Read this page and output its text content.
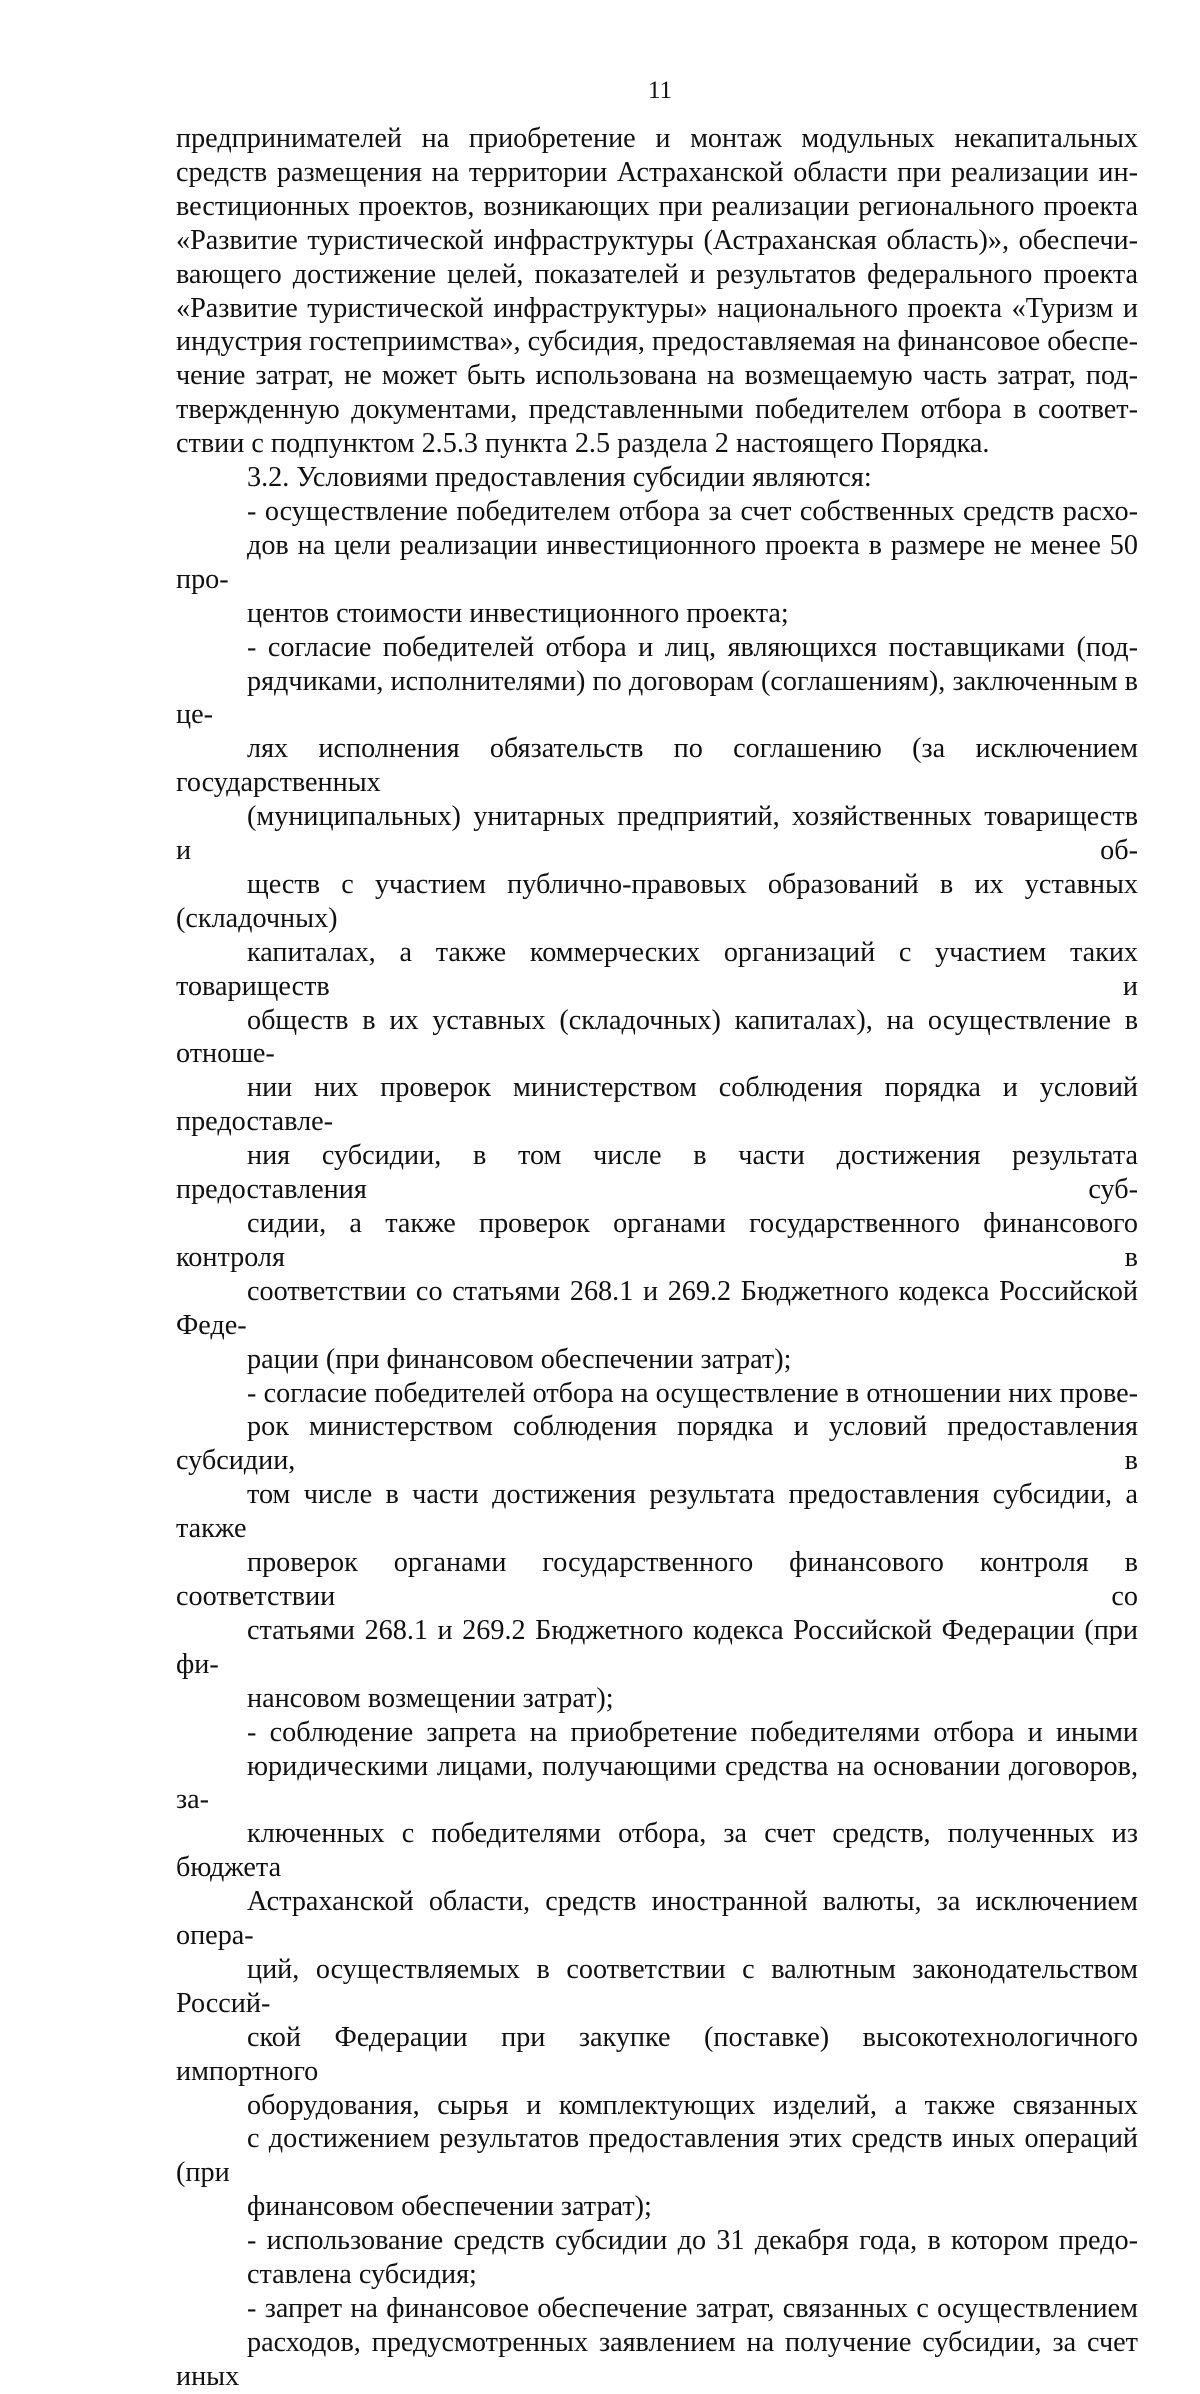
11
предпринимателей на приобретение и монтаж модульных некапитальных
средств размещения на территории Астраханской области при реализации ин-
вестиционных проектов, возникающих при реализации регионального проекта
«Развитие туристической инфраструктуры (Астраханская область)», обеспечи-
вающего достижение целей, показателей и результатов федерального проекта
«Развитие туристической инфраструктуры» национального проекта «Туризм и
индустрия гостеприимства», субсидия, предоставляемая на финансовое обеспе-
чение затрат, не может быть использована на возмещаемую часть затрат, под-
твержденную документами, представленными победителем отбора в соответ-
ствии с подпунктом 2.5.3 пункта 2.5 раздела 2 настоящего Порядка.
3.2. Условиями предоставления субсидии являются:
- осуществление победителем отбора за счет собственных средств расхо-
дов на цели реализации инвестиционного проекта в размере не менее 50 про-
центов стоимости инвестиционного проекта;
- согласие победителей отбора и лиц, являющихся поставщиками (под-
рядчиками, исполнителями) по договорам (соглашениям), заключенным в це-
лях исполнения обязательств по соглашению (за исключением государственных
(муниципальных) унитарных предприятий, хозяйственных товариществ и об-
ществ с участием публично-правовых образований в их уставных (складочных)
капиталах, а также коммерческих организаций с участием таких товариществ и
обществ в их уставных (складочных) капиталах), на осуществление в отноше-
нии них проверок министерством соблюдения порядка и условий предоставле-
ния субсидии, в том числе в части достижения результата предоставления суб-
сидии, а также проверок органами государственного финансового контроля в
соответствии со статьями 268.1 и 269.2 Бюджетного кодекса Российской Феде-
рации (при финансовом обеспечении затрат);
- согласие победителей отбора на осуществление в отношении них прове-
рок министерством соблюдения порядка и условий предоставления субсидии, в
том числе в части достижения результата предоставления субсидии, а также
проверок органами государственного финансового контроля в соответствии со
статьями 268.1 и 269.2 Бюджетного кодекса Российской Федерации (при фи-
нансовом возмещении затрат);
- соблюдение запрета на приобретение победителями отбора и иными
юридическими лицами, получающими средства на основании договоров, за-
ключенных с победителями отбора, за счет средств, полученных из бюджета
Астраханской области, средств иностранной валюты, за исключением опера-
ций, осуществляемых в соответствии с валютным законодательством Россий-
ской Федерации при закупке (поставке) высокотехнологичного импортного
оборудования, сырья и комплектующих изделий, а также связанных
с достижением результатов предоставления этих средств иных операций (при
финансовом обеспечении затрат);
- использование средств субсидии до 31 декабря года, в котором предо-
ставлена субсидия;
- запрет на финансовое обеспечение затрат, связанных с осуществлением
расходов, предусмотренных заявлением на получение субсидии, за счет иных
